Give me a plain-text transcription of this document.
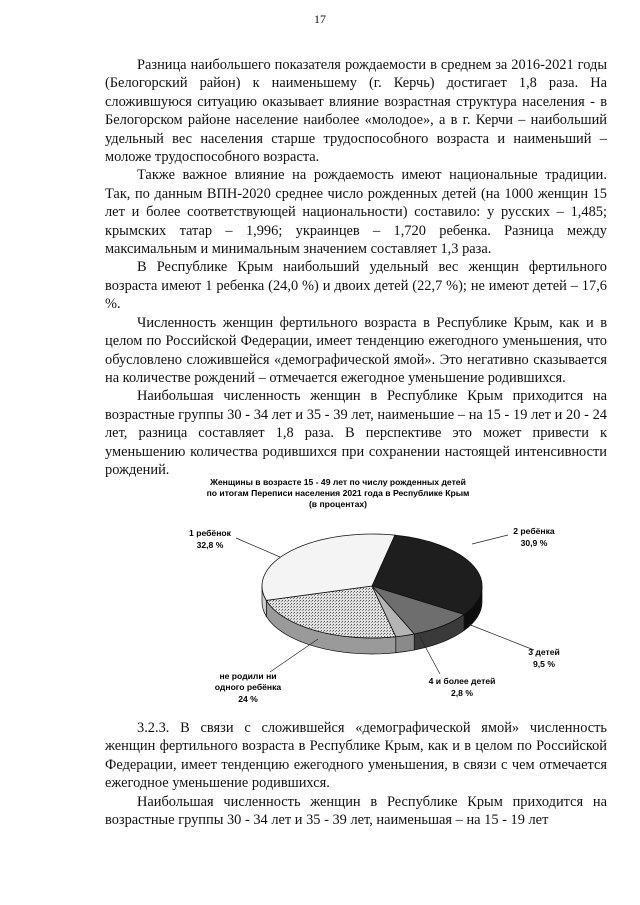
17

Разница наибольшего показателя рождаемости в среднем за 2016-2021 годы (Белогорский район) к наименьшему (г. Керчь) достигает 1,8 раза. На сложившуюся ситуацию оказывает влияние возрастная структура населения - в Белогорском районе население наиболее «молодое», а в г. Керчи – наибольший удельный вес населения старше трудоспособного возраста и наименьший – моложе трудоспособного возраста.

Также важное влияние на рождаемость имеют национальные традиции. Так, по данным ВПН-2020 среднее число рожденных детей (на 1000 женщин 15 лет и более соответствующей национальности) составило: у русских – 1,485; крымских татар – 1,996; украинцев – 1,720 ребенка. Разница между максимальным и минимальным значением составляет 1,3 раза.

В Республике Крым наибольший удельный вес женщин фертильного возраста имеют 1 ребенка (24,0 %) и двоих детей (22,7 %); не имеют детей – 17,6 %.

Численность женщин фертильного возраста в Республике Крым, как и в целом по Российской Федерации, имеет тенденцию ежегодного уменьшения, что обусловлено сложившейся «демографической ямой». Это негативно сказывается на количестве рождений – отмечается ежегодное уменьшение родившихся.

Наибольшая численность женщин в Республике Крым приходится на возрастные группы 30 - 34 лет и 35 - 39 лет, наименьшие – на 15 - 19 лет и 20 - 24 лет, разница составляет 1,8 раза. В перспективе это может привести к уменьшению количества родившихся при сохранении настоящей интенсивности рождений.

Женщины в возрасте 15 - 49 лет по числу рожденных детей
по итогам Переписи населения 2021 года в Республике Крым
(в процентах)
1 ребёнок
32,8 %
2 ребёнка
30,9 %
3 детей
9,5 %
4 и более детей
2,8 %
не родили ни
одного ребёнка
24 %

3.2.3. В связи с сложившейся «демографической ямой» численность женщин фертильного возраста в Республике Крым, как и в целом по Российской Федерации, имеет тенденцию ежегодного уменьшения, в связи с чем отмечается ежегодное уменьшение родившихся.

Наибольшая численность женщин в Республике Крым приходится на возрастные группы 30 - 34 лет и 35 - 39 лет, наименьшая – на 15 - 19 лет
